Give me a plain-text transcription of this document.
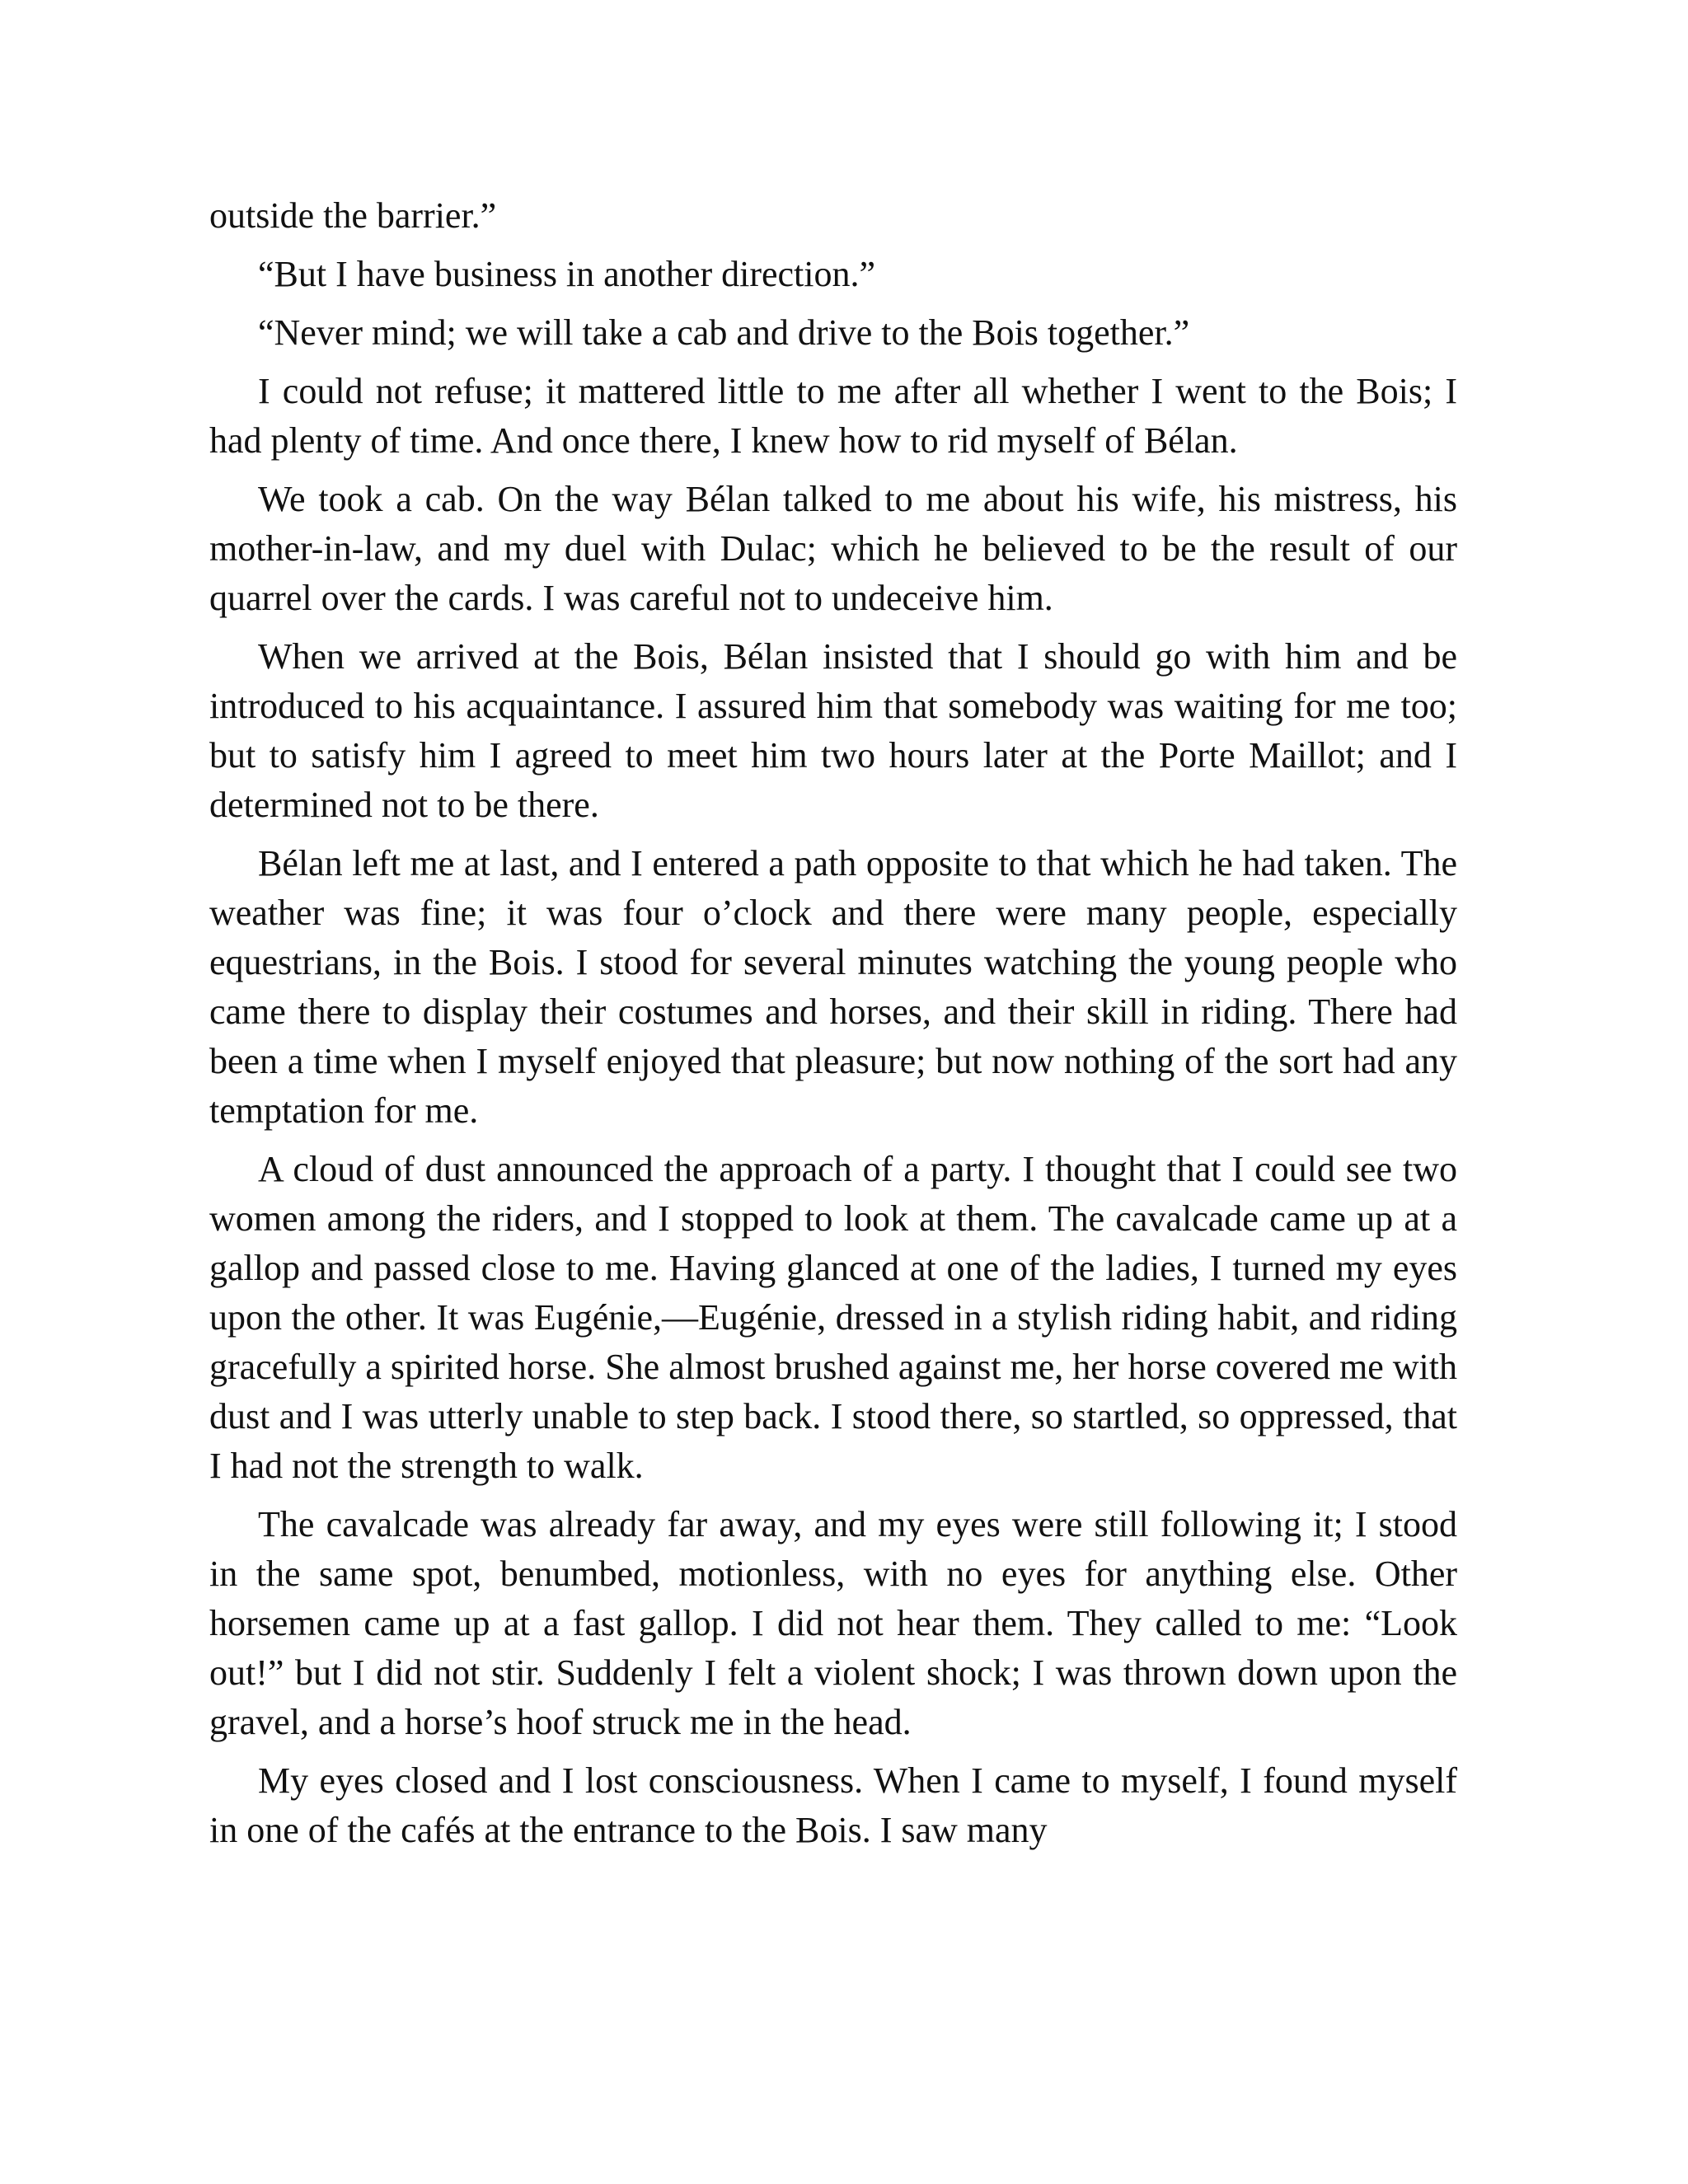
outside the barrier.”

“But I have business in another direction.”

“Never mind; we will take a cab and drive to the Bois together.”

I could not refuse; it mattered little to me after all whether I went to the Bois; I had plenty of time. And once there, I knew how to rid myself of Bélan.

We took a cab. On the way Bélan talked to me about his wife, his mistress, his mother-in-law, and my duel with Dulac; which he believed to be the result of our quarrel over the cards. I was careful not to undeceive him.

When we arrived at the Bois, Bélan insisted that I should go with him and be introduced to his acquaintance. I assured him that somebody was waiting for me too; but to satisfy him I agreed to meet him two hours later at the Porte Maillot; and I determined not to be there.

Bélan left me at last, and I entered a path opposite to that which he had taken. The weather was fine; it was four o’clock and there were many people, especially equestrians, in the Bois. I stood for several minutes watching the young people who came there to display their costumes and horses, and their skill in riding. There had been a time when I myself enjoyed that pleasure; but now nothing of the sort had any temptation for me.

A cloud of dust announced the approach of a party. I thought that I could see two women among the riders, and I stopped to look at them. The cavalcade came up at a gallop and passed close to me. Having glanced at one of the ladies, I turned my eyes upon the other. It was Eugénie,—Eugénie, dressed in a stylish riding habit, and riding gracefully a spirited horse. She almost brushed against me, her horse covered me with dust and I was utterly unable to step back. I stood there, so startled, so oppressed, that I had not the strength to walk.

The cavalcade was already far away, and my eyes were still following it; I stood in the same spot, benumbed, motionless, with no eyes for anything else. Other horsemen came up at a fast gallop. I did not hear them. They called to me: “Look out!” but I did not stir. Suddenly I felt a violent shock; I was thrown down upon the gravel, and a horse’s hoof struck me in the head.

My eyes closed and I lost consciousness. When I came to myself, I found myself in one of the cafés at the entrance to the Bois. I saw many
